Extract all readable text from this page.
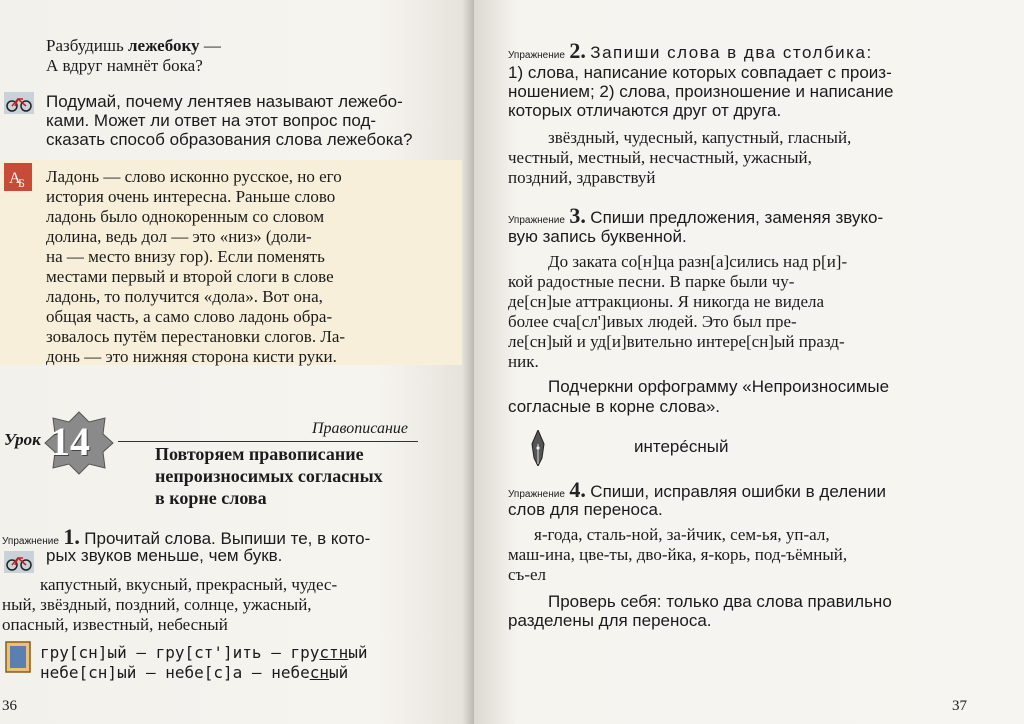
Разбудишь лежебоку —
А вдруг намнёт бока?
Подумай, почему лентяев называют лежебо-
ками. Может ли ответ на этот вопрос под-
сказать способ образования слова лежебока?
А
Б Ладонь — слово исконно русское, но его
история очень интересна. Раньше слово
ладонь было однокоренным со словом
долина, ведь дол — это «низ» (доли-
на — место внизу гор). Если поменять
местами первый и второй слоги в слове
ладонь, то получится «дола». Вот она,
общая часть, а само слово ладонь обра-
зовалось путём перестановки слогов. Ла-
донь — это нижняя сторона кисти руки.
Урок 14	Правописание
Повторяем правописание
непроизносимых согласных
в корне слова
Упражнение 1. Прочитай слова. Выпиши те, в кото-
рых звуков меньше, чем букв.
капустный, вкусный, прекрасный, чудес-
ный, звёздный, поздний, солнце, ужасный,
опасный, известный, небесный
гру[сн]ый — гру[ст']ить — грустный
небе[сн]ый — небе[с]а — небесный
36
Упражнение 2. Запиши слова в два столбика:
1) слова, написание которых совпадает с произ-
ношением; 2) слова, произношение и написание
которых отличаются друг от друга.
звёздный, чудесный, капустный, гласный,
честный, местный, несчастный, ужасный,
поздний, здравствуй
Упражнение 3. Спиши предложения, заменяя звуко-
вую запись буквенной.
До заката со[н]ца разн[а]сились над р[и]-
кой радостные песни. В парке были чу-
де[сн]ые аттракционы. Я никогда не видела
более сча[сл']ивых людей. Это был пре-
ле[сн]ый и уд[и]вительно интере[сн]ый празд-
ник.
Подчеркни орфограмму «Непроизносимые
согласные в корне слова».
интерéсный
Упражнение 4. Спиши, исправляя ошибки в делении
слов для переноса.
я-года, сталь-ной, за-йчик, сем-ья, уп-ал,
маш-ина, цве-ты, дво-йка, я-корь, под-ъёмный,
съ-ел
Проверь себя: только два слова правильно
разделены для переноса.
37
